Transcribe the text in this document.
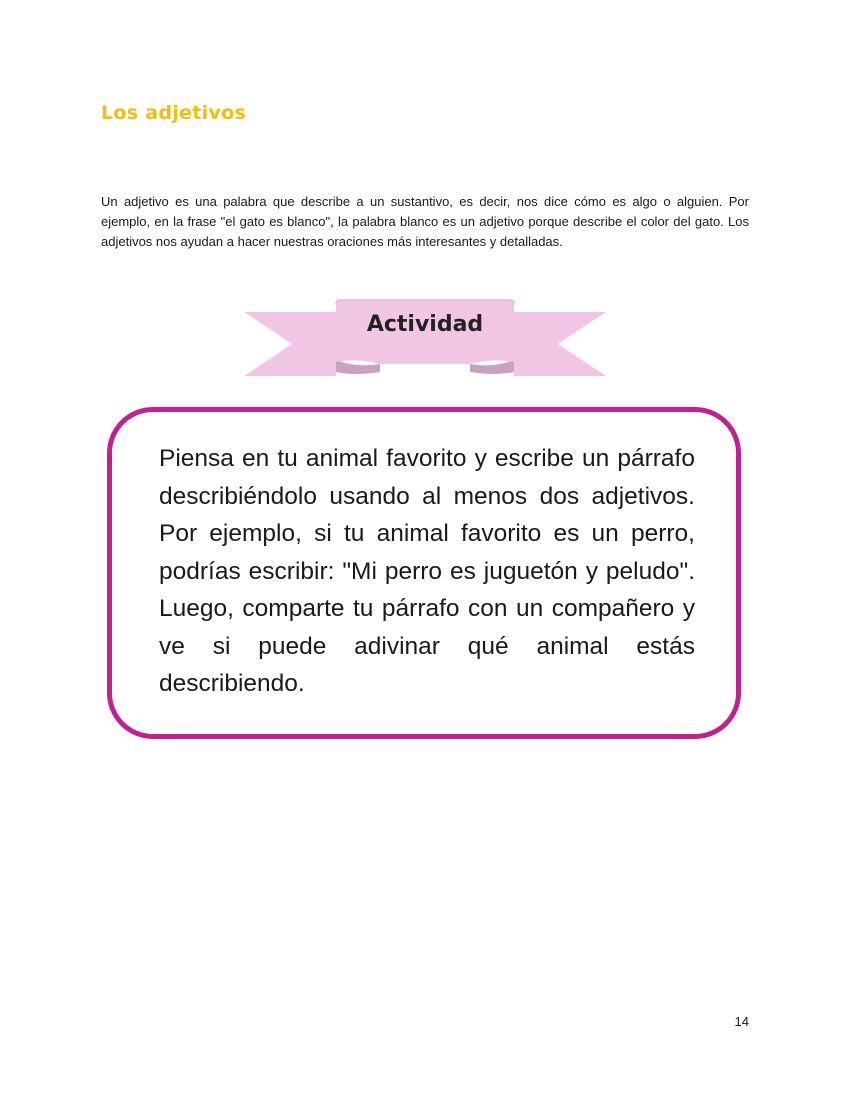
Los adjetivos

Un adjetivo es una palabra que describe a un sustantivo, es decir, nos dice cómo es algo o alguien. Por ejemplo, en la frase "el gato es blanco", la palabra blanco es un adjetivo porque describe el color del gato. Los adjetivos nos ayudan a hacer nuestras oraciones más interesantes y detalladas.

Actividad

Piensa en tu animal favorito y escribe un párrafo describiéndolo usando al menos dos adjetivos. Por ejemplo, si tu animal favorito es un perro, podrías escribir: "Mi perro es juguetón y peludo". Luego, comparte tu párrafo con un compañero y ve si puede adivinar qué animal estás describiendo.

14
